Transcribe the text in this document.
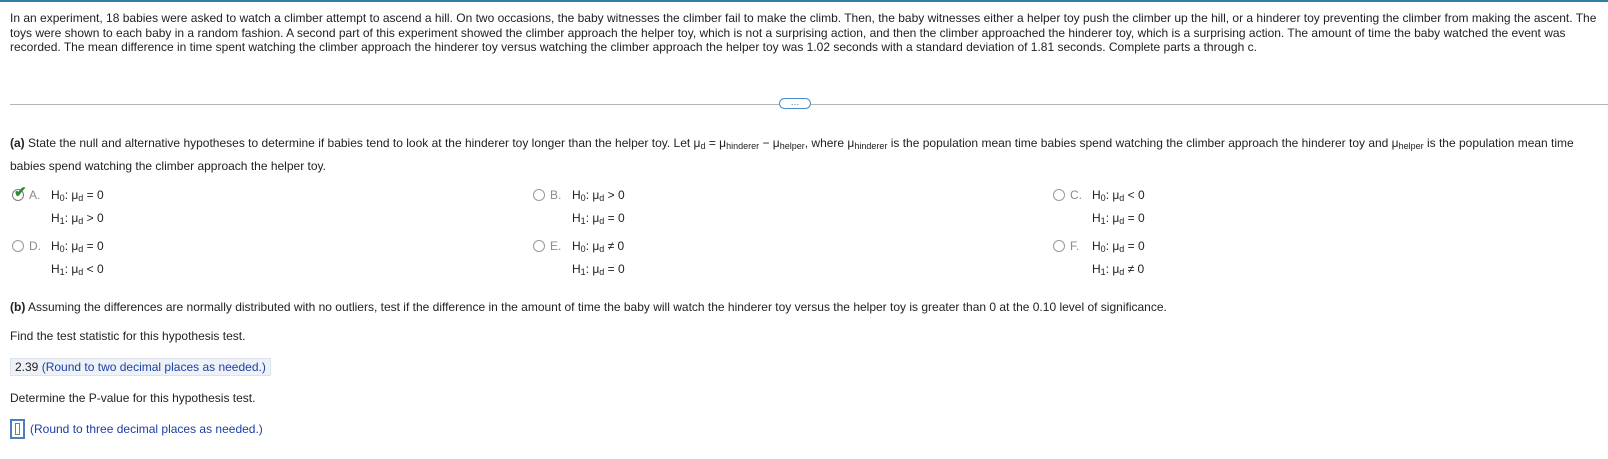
In an experiment, 18 babies were asked to watch a climber attempt to ascend a hill. On two occasions, the baby witnesses the climber fail to make the climb. Then, the baby witnesses either a helper toy push the climber up the hill, or a hinderer toy preventing the climber from making the ascent. The toys were shown to each baby in a random fashion. A second part of this experiment showed the climber approach the helper toy, which is not a surprising action, and then the climber approached the hinderer toy, which is a surprising action. The amount of time the baby watched the event was recorded. The mean difference in time spent watching the climber approach the hinderer toy versus watching the climber approach the helper toy was 1.02 seconds with a standard deviation of 1.81 seconds. Complete parts a through c.
…
(a) State the null and alternative hypotheses to determine if babies tend to look at the hinderer toy longer than the helper toy. Let $\mu_d = \mu_{hinderer} - \mu_{helper}$, where $\mu_{hinderer}$ is the population mean time babies spend watching the climber approach the hinderer toy and $\mu_{helper}$ is the population mean time babies spend watching the climber approach the helper toy.
✔ A. $H_0$: $\mu_d = 0$
$H_1$: $\mu_d > 0$
B. $H_0$: $\mu_d > 0$
$H_1$: $\mu_d = 0$
C. $H_0$: $\mu_d < 0$
$H_1$: $\mu_d = 0$
D. $H_0$: $\mu_d = 0$
$H_1$: $\mu_d < 0$
E. $H_0$: $\mu_d \ne 0$
$H_1$: $\mu_d = 0$
F.	$H_0$: $\mu_d = 0$
$H_1$: $\mu_d \ne 0$
(b) Assuming the differences are normally distributed with no outliers, test if the difference in the amount of time the baby will watch the hinderer toy versus the helper toy is greater than 0 at the 0.10 level of significance.
Find the test statistic for this hypothesis test.
2.39 (Round to two decimal places as needed.)
Determine the P-value for this hypothesis test.
(Round to three decimal places as needed.)
